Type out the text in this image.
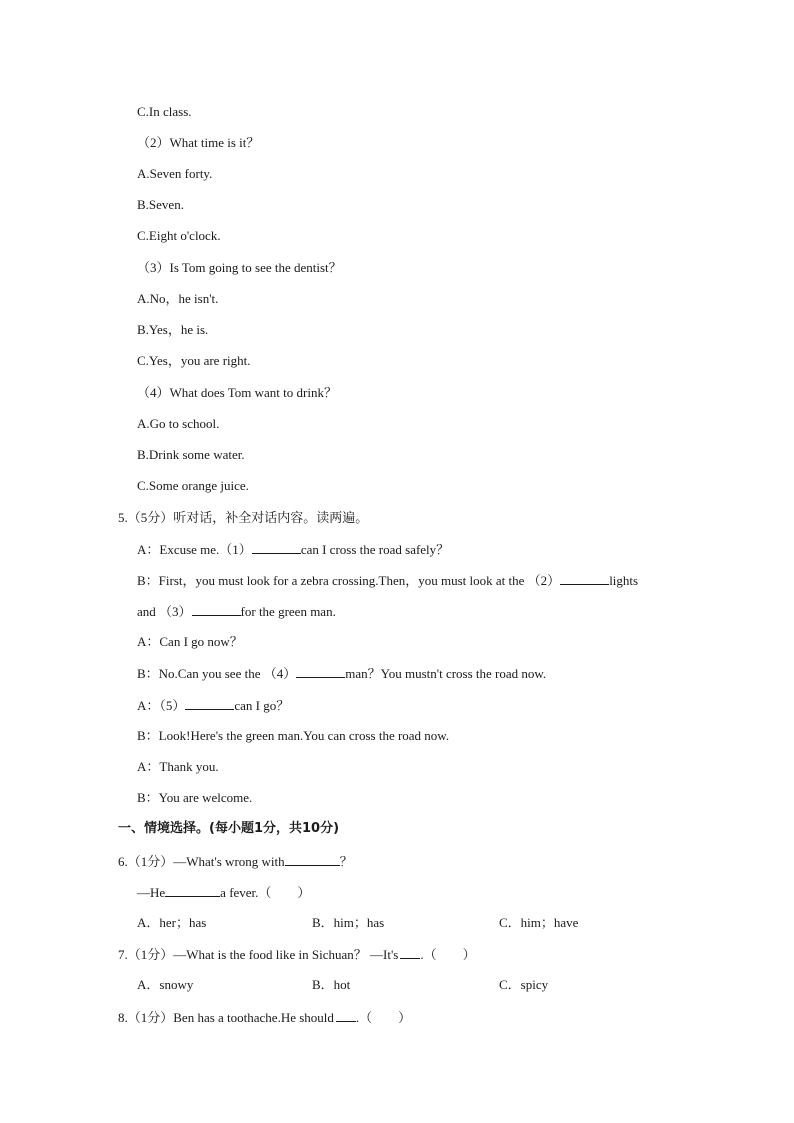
C.In class.
（2）What time is it？
A.Seven forty.
B.Seven.
C.Eight o'clock.
（3）Is Tom going to see the dentist？
A.No，he isn't.
B.Yes，he is.
C.Yes，you are right.
（4）What does Tom want to drink？
A.Go to school.
B.Drink some water.
C.Some orange juice.
5.（5分）听对话，补全对话内容。读两遍。
A：Excuse me.（1）	can I cross the road safely？
B：First，you must look for a zebra crossing.Then，you must look at the （2）	lights
and （3）	for the green man.
A：Can I go now？
B：No.Can you see the （4）	man？You mustn't cross the road now.
A：（5）	can I go？
B：Look!Here's the green man.You can cross the road now.
A：Thank you.
B：You are welcome.
一、情境选择。(每小题1分，共10分)
6.（1分）—What's wrong with	？
—He	a fever.（　　）
A．her；has	B．him；has	C．him；have
7.（1分）—What is the food like in Sichuan？ —It's .（　　）
A．snowy	B．hot	C．spicy
8.（1分）Ben has a toothache.He should .（　　）
